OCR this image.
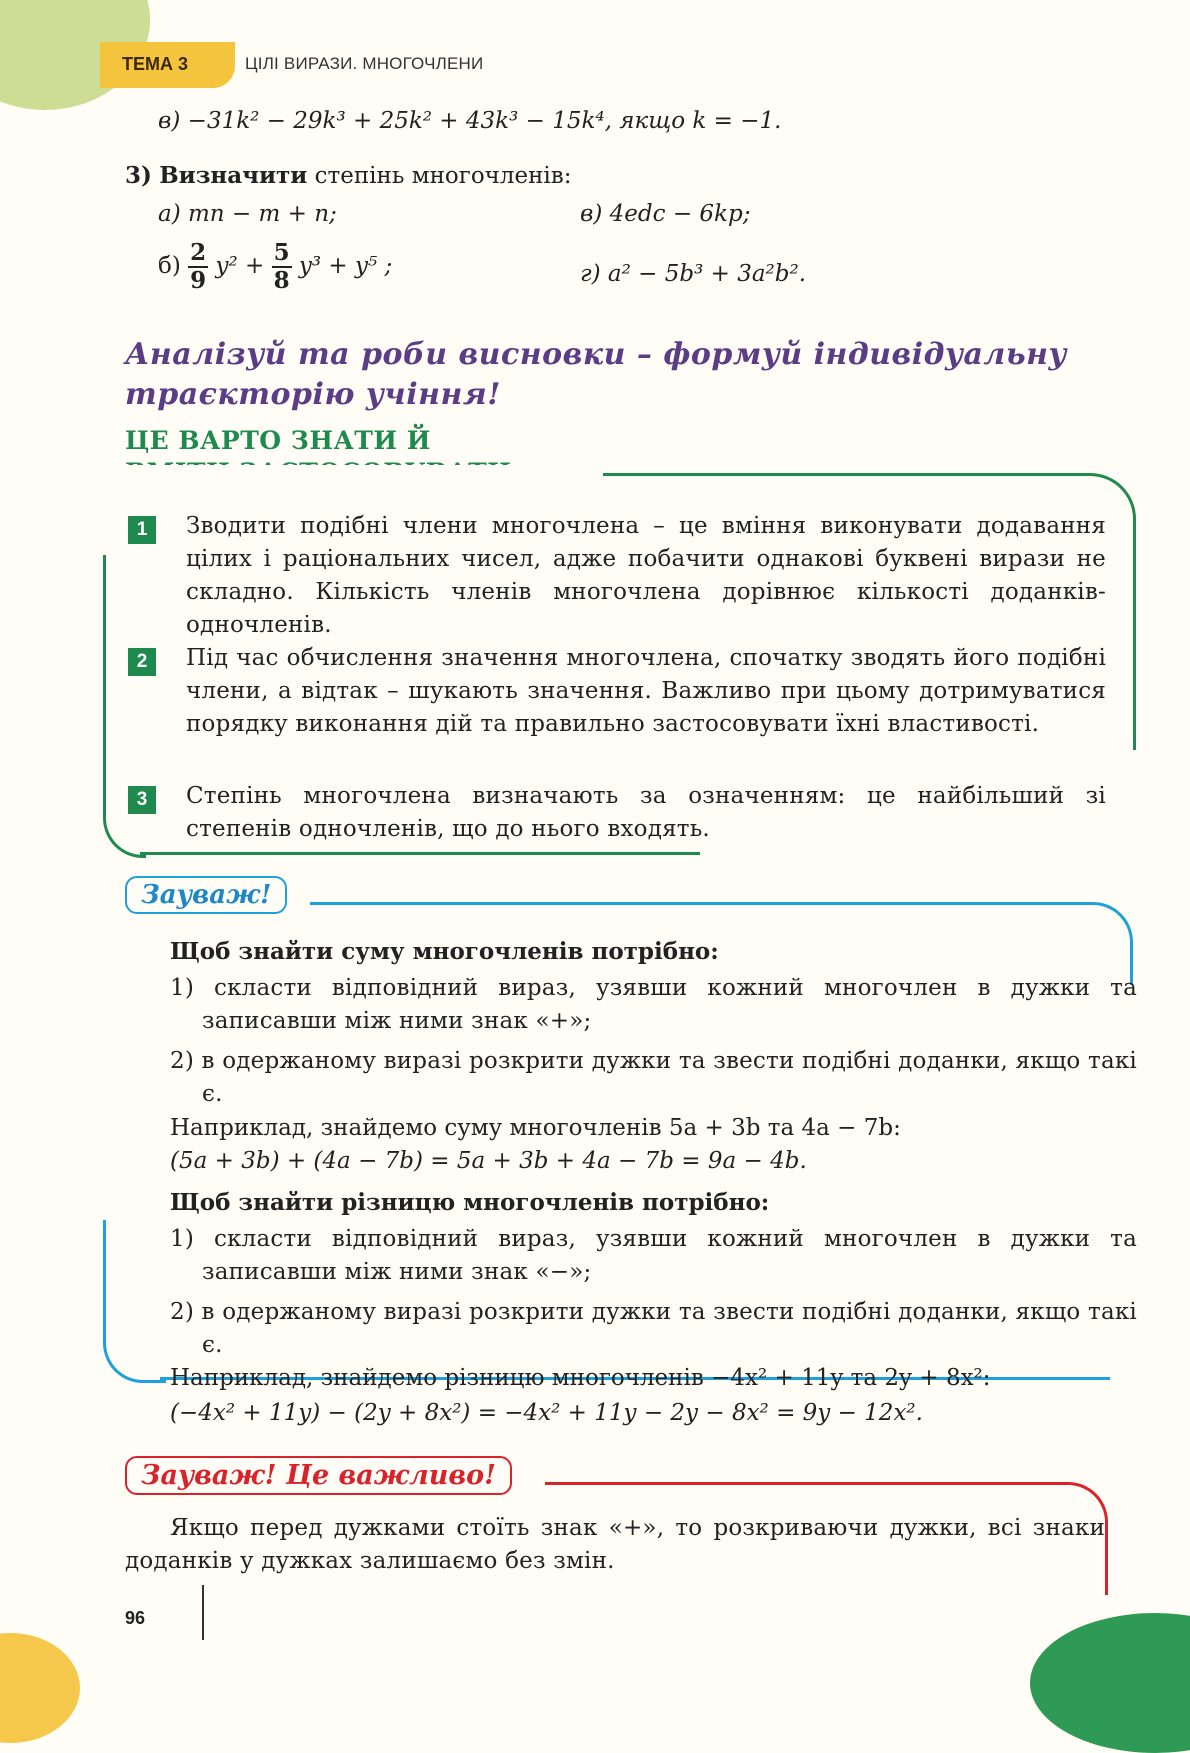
ТЕМА 3	ЦІЛІ ВИРАЗИ. МНОГОЧЛЕНИ
в) −31k² − 29k³ + 25k² + 43k³ − 15k⁴, якщо k = −1.
3) Визначити степінь многочленів:
а) mn − m + n;	в) 4edc − 6kp;
$б) \frac{2}{9} y^2 + \frac{5}{8} y^3 + y^5$ ;	г) a² − 5b³ + 3a²b².
Аналізуй та роби висновки – формуй індивідуальну траєкторію учіння!
ЦЕ ВАРТО ЗНАТИ Й
1	Зводити подібні члени многочлена – це вміння виконувати додавання цілих і раціональних чисел, адже побачити однакові буквені вирази не складно. Кількість членів многочлена дорівнює кількості доданків-одночленів.
2	Під час обчислення значення многочлена, спочатку зводять його подібні члени, а відтак – шукають значення. Важливо при цьому дотримуватися порядку виконання дій та правильно застосовувати їхні властивості.
3	Степінь многочлена визначають за означенням: це найбільший зі степенів одночленів, що до нього входять.
Зауваж!
Щоб знайти суму многочленів потрібно:
1) скласти відповідний вираз, узявши кожний многочлен в дужки та записавши між ними знак «+»;
2) в одержаному виразі розкрити дужки та звести подібні доданки, якщо такі є.
Наприклад, знайдемо суму многочленів 5a + 3b та 4a − 7b:
(5a + 3b) + (4a − 7b) = 5a + 3b + 4a − 7b = 9a − 4b.
Щоб знайти різницю многочленів потрібно:
1) скласти відповідний вираз, узявши кожний многочлен в дужки та записавши між ними знак «−»;
2) в одержаному виразі розкрити дужки та звести подібні доданки, якщо такі є.
Наприклад, знайдемо різницю многочленів −4x² + 11y та 2y + 8x²:
(−4x² + 11y) − (2y + 8x²) = −4x² + 11y − 2y − 8x² = 9y − 12x².
Зауваж! Це важливо!
Якщо перед дужками стоїть знак «+», то розкриваючи дужки, всі знаки доданків у дужках залишаємо без змін.
96
